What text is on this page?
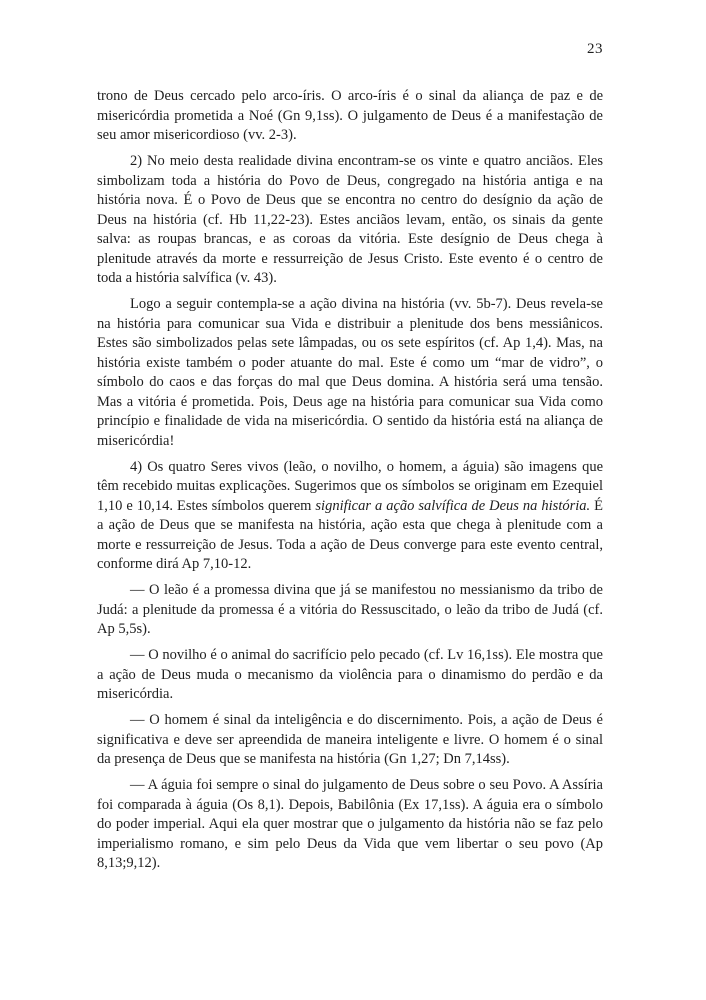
23

trono de Deus cercado pelo arco-íris. O arco-íris é o sinal da aliança de paz e de misericórdia prometida a Noé (Gn 9,1ss). O julgamento de Deus é a manifestação de seu amor misericordioso (vv. 2-3).

2) No meio desta realidade divina encontram-se os vinte e quatro anciãos. Eles simbolizam toda a história do Povo de Deus, congregado na história antiga e na história nova. É o Povo de Deus que se encontra no centro do desígnio da ação de Deus na história (cf. Hb 11,22-23). Estes anciãos levam, então, os sinais da gente salva: as roupas brancas, e as coroas da vitória. Este desígnio de Deus chega à plenitude através da morte e ressurreição de Jesus Cristo. Este evento é o centro de toda a história salvífica (v. 43).

Logo a seguir contempla-se a ação divina na história (vv. 5b-7). Deus revela-se na história para comunicar sua Vida e distribuir a plenitude dos bens messiânicos. Estes são simbolizados pelas sete lâmpadas, ou os sete espíritos (cf. Ap 1,4). Mas, na história existe também o poder atuante do mal. Este é como um “mar de vidro”, o símbolo do caos e das forças do mal que Deus domina. A história será uma tensão. Mas a vitória é prometida. Pois, Deus age na história para comunicar sua Vida como princípio e finalidade de vida na misericórdia. O sentido da história está na aliança de misericórdia!

4) Os quatro Seres vivos (leão, o novilho, o homem, a águia) são imagens que têm recebido muitas explicações. Sugerimos que os símbolos se originam em Ezequiel 1,10 e 10,14. Estes símbolos querem significar a ação salvífica de Deus na história. É a ação de Deus que se manifesta na história, ação esta que chega à plenitude com a morte e ressurreição de Jesus. Toda a ação de Deus converge para este evento central, conforme dirá Ap 7,10-12.

— O leão é a promessa divina que já se manifestou no messianismo da tribo de Judá: a plenitude da promessa é a vitória do Ressuscitado, o leão da tribo de Judá (cf. Ap 5,5s).

— O novilho é o animal do sacrifício pelo pecado (cf. Lv 16,1ss). Ele mostra que a ação de Deus muda o mecanismo da violência para o dinamismo do perdão e da misericórdia.

— O homem é sinal da inteligência e do discernimento. Pois, a ação de Deus é significativa e deve ser apreendida de maneira inteligente e livre. O homem é o sinal da presença de Deus que se manifesta na história (Gn 1,27; Dn 7,14ss).

— A águia foi sempre o sinal do julgamento de Deus sobre o seu Povo. A Assíria foi comparada à águia (Os 8,1). Depois, Babilônia (Ex 17,1ss). A águia era o símbolo do poder imperial. Aqui ela quer mostrar que o julgamento da história não se faz pelo imperialismo romano, e sim pelo Deus da Vida que vem libertar o seu povo (Ap 8,13;9,12).
